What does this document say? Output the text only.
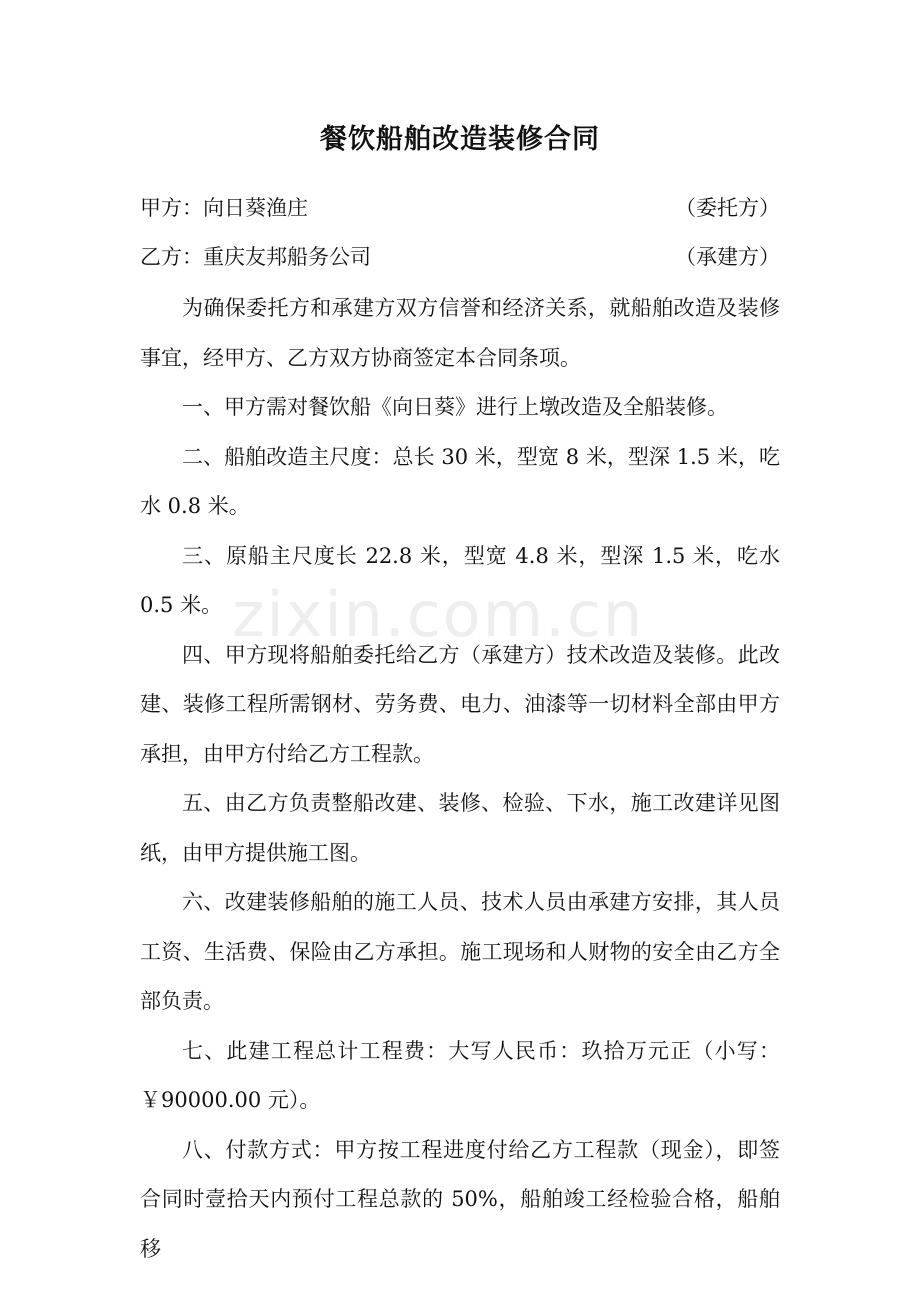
zixin.com.cn
餐饮船舶改造装修合同
甲方：向日葵渔庄	（委托方）
乙方：重庆友邦船务公司	（承建方）

为确保委托方和承建方双方信誉和经济关系，就船舶改造及装修事宜，经甲方、乙方双方协商签定本合同条项。

一、甲方需对餐饮船《向日葵》进行上墩改造及全船装修。

二、船舶改造主尺度：总长 30 米，型宽 8 米，型深 1.5 米，吃水 0.8 米。

三、原船主尺度长 22.8 米，型宽 4.8 米，型深 1.5 米，吃水 0.5 米。

四、甲方现将船舶委托给乙方（承建方）技术改造及装修。此改建、装修工程所需钢材、劳务费、电力、油漆等一切材料全部由甲方承担，由甲方付给乙方工程款。

五、由乙方负责整船改建、装修、检验、下水，施工改建详见图纸，由甲方提供施工图。

六、改建装修船舶的施工人员、技术人员由承建方安排，其人员工资、生活费、保险由乙方承担。施工现场和人财物的安全由乙方全部负责。

七、此建工程总计工程费：大写人民币：玖拾万元正（小写：￥90000.00 元）。

八、付款方式：甲方按工程进度付给乙方工程款（现金），即签合同时壹拾天内预付工程总款的 50%，船舶竣工经检验合格，船舶移
